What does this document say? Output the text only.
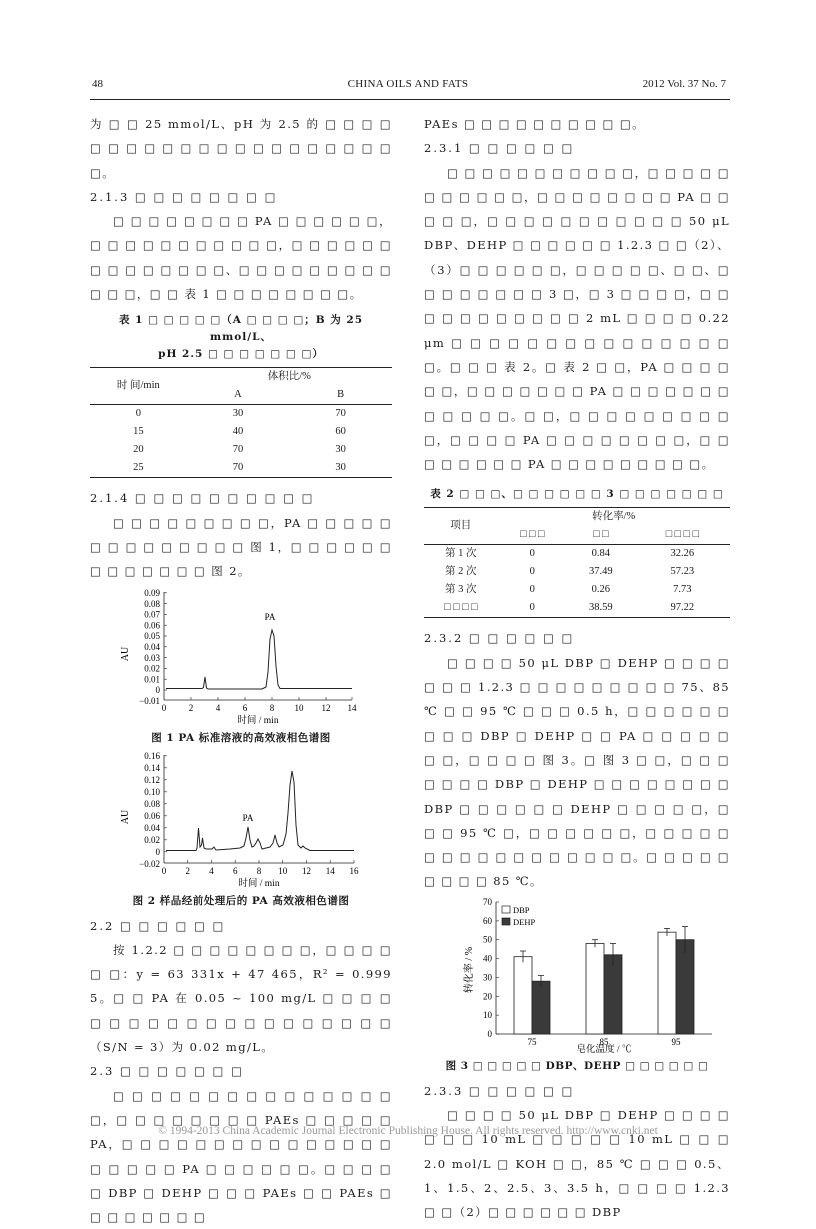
48	CHINA OILS AND FATS	2012 Vol. 37 No. 7

为 □ □ 25 mmol/L、pH 为 2.5 的 □ □ □ □ □ □ □ □ □ □ □ □ □ □ □ □ □ □ □ □ □ □。

2.1.3 □ □ □ □ □ □ □ □

□ □ □ □ □ □ □ □ PA □ □ □ □ □ □，□ □ □ □ □ □ □ □ □ □ □，□ □ □ □ □ □ □ □ □ □ □ □ □ □、□ □ □ □ □ □ □ □ □ □ □ □，□ □ 表 1 □ □ □ □ □ □ □ □。

表 1 □ □ □ □ □（A □ □ □ □；B 为 25 mmol/L、
pH 2.5 □ □ □ □ □ □ □）
时 间/min	体积比/%	
	A	B
0	30	70
15	40	60
20	70	30
25	70	30

2.1.4 □ □ □ □ □ □ □ □ □ □

□ □ □ □ □ □ □ □ □，PA □ □ □ □ □ □ □ □ □ □ □ □ □ □ 图 1，□ □ □ □ □ □ □ □ □ □ □ □ □ 图 2。

AU
0.09
0.08
0.07
0.06
0.05
0.04
0.03
0.02
0.01
0
−0.01
0	2	4	6	8 10 12 14
时间 / min
PA
图 1 PA 标准溶液的高效液相色谱图
AU
0.16
0.14
0.12
0.10
0.08
0.06
0.04
0.02
0
−0.02
0 2 4 6 8 10 12 14 16
时间 / min
PA
图 2 样品经前处理后的 PA 高效液相色谱图

2.2 □ □ □ □ □ □

按 1.2.2 □ □ □ □ □ □ □ □，□ □ □ □ □ □：y = 63 331x + 47 465，R² = 0.999 5。□ □ PA 在 0.05 ~ 100 mg/L □ □ □ □ □ □ □ □ □ □ □ □ □ □ □ □ □ □ □ □（S/N = 3）为 0.02 mg/L。

2.3 □ □ □ □ □ □ □

□ □ □ □ □ □ □ □ □ □ □ □ □ □ □ □，□ □ □ □ □ □ □ □ PAEs □ □ □ □ □ PA，□ □ □ □ □ □ □ □ □ □ □ □ □ □ □ □ □ □ □ □ PA □ □ □ □ □ □。□ □ □ □ □ DBP □ DEHP □ □ □ PAEs □ □ PAEs □ □ □ □ □ □ □ □

PAEs □ □ □ □ □ □ □ □ □ □。

2.3.1 □ □ □ □ □ □

□ □ □ □ □ □ □ □ □ □ □，□ □ □ □ □ □ □ □ □ □ □，□ □ □ □ □ □ □ □ PA □ □ □ □ □，□ □ □ □ □ □ □ □ □ □ □ 50 μL DBP、DEHP □ □ □ □ □ □ 1.2.3 □ □（2）、（3）□ □ □ □ □ □，□ □ □ □ □、□ □、□ □ □ □ □ □ □ □ 3 □，□ 3 □ □ □ □，□ □ □ □ □ □ □ □ □ □ □ 2 mL □ □ □ □ 0.22 μm □ □ □ □ □ □ □ □ □ □ □ □ □ □ □ □。□ □ □ 表 2。□ 表 2 □ □，PA □ □ □ □ □ □，□ □ □ □ □ □ □ PA □ □ □ □ □ □ □ □ □ □ □ □。□ □，□ □ □ □ □ □ □ □ □ □，□ □ □ □ PA □ □ □ □ □ □ □ □，□ □ □ □ □ □ □ □ PA □ □ □ □ □ □ □ □ □。

表 2 □ □ □、□ □ □ □ □ □ 3 □ □ □ □ □ □ □
项目	转化率/%		
	□ □ □	□ □	□ □ □ □
第 1 次	0	0.84	32.26
第 2 次	0	37.49	57.23
第 3 次	0	0.26	7.73
□ □ □ □	0	38.59	97.22

2.3.2 □ □ □ □ □ □

□ □ □ □ 50 μL DBP □ DEHP □ □ □ □ □ □ □ 1.2.3 □ □ □ □ □ □ □ □ □ 75、85 ℃ □ □ 95 ℃ □ □ □ 0.5 h，□ □ □ □ □ □ □ □ □ DBP □ DEHP □ □ PA □ □ □ □ □ □ □，□ □ □ □ 图 3。□ 图 3 □ □，□ □ □ □ □ □ □ DBP □ DEHP □ □ □ □ □ □ □ □ DBP □ □ □ □ □ □ DEHP □ □ □ □ □，□ □ □ 95 ℃ □，□ □ □ □ □ □，□ □ □ □ □ □ □ □ □ □ □ □ □ □ □ □ □。□ □ □ □ □ □ □ □ □ 85 ℃。

转化率 / %
0
10
20
30
40
50
60
70
75	85	95
DBP
DEHP
皂化温度 / ℃
图 3 □ □ □ □ □ DBP、DEHP □ □ □ □ □ □

2.3.3 □ □ □ □ □ □

□ □ □ □ 50 μL DBP □ DEHP □ □ □ □ □ □ □ 10 mL □ □ □ □ □ 10 mL □ □ □ 2.0 mol/L □ KOH □ □，85 ℃ □ □ □ 0.5、1、1.5、2、2.5、3、3.5 h，□ □ □ □ 1.2.3 □ □（2）□ □ □ □ □ □ DBP

© 1994-2013 China Academic Journal Electronic Publishing House. All rights reserved. http://www.cnki.net
